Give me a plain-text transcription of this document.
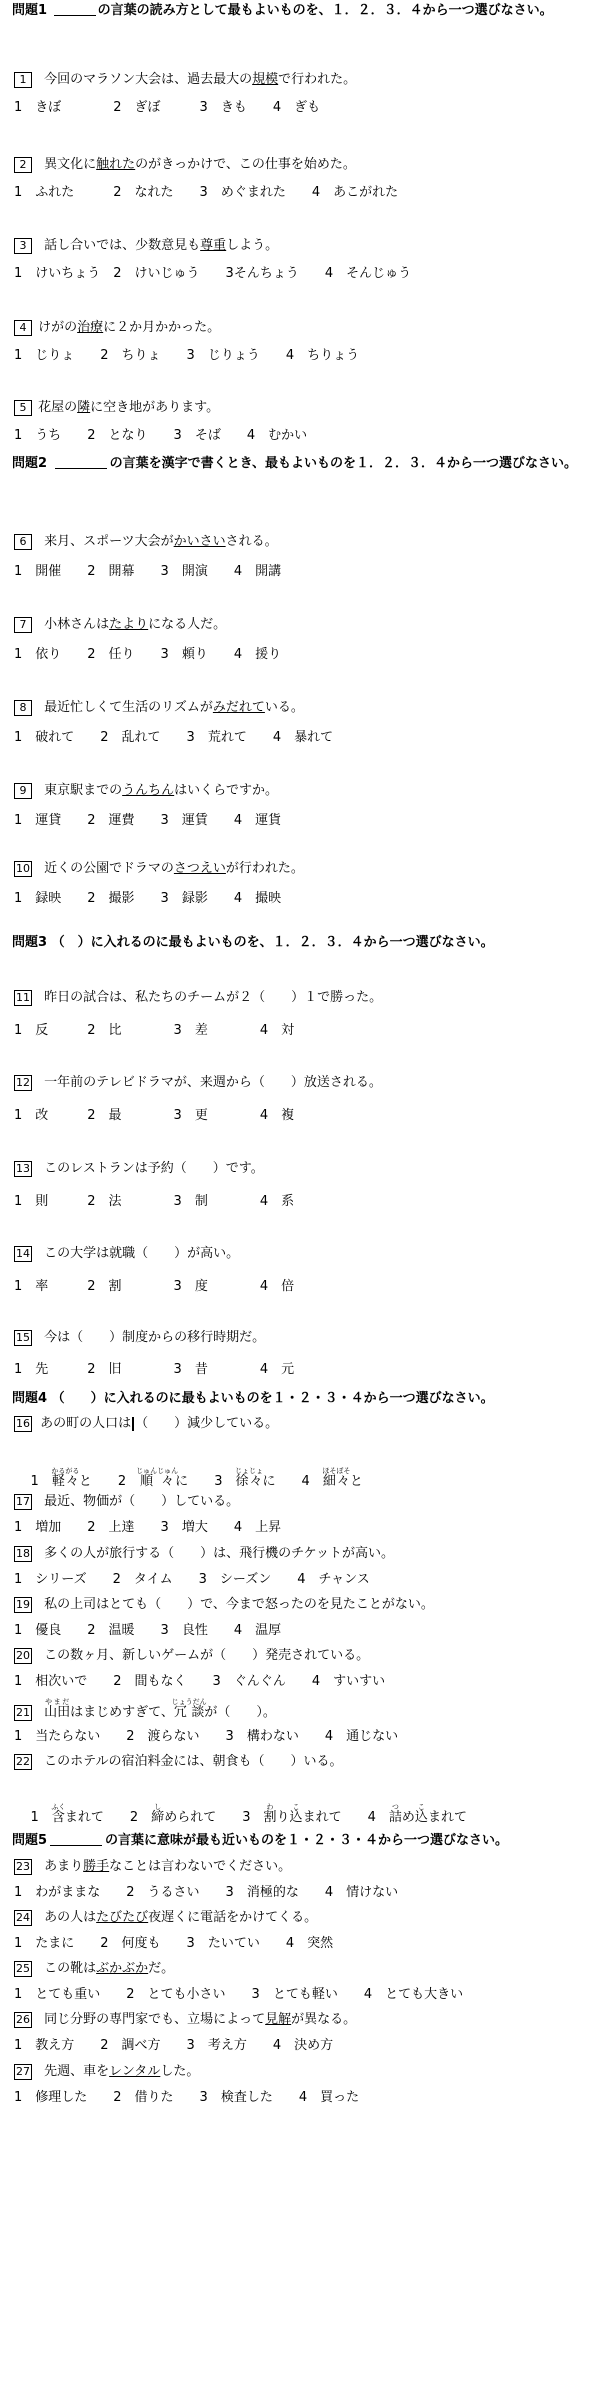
問題1	の言葉の読み方として最もよいものを、１．２．３．４から一つ選びなさい。
1 今回のマラソン大会は、過去最大の規模で行われた。
1　きぼ　　　　2　ぎぼ　　　3　きも　　4　ぎも
2 異文化に触れたのがきっかけで、この仕事を始めた。
1　ふれた　　　2　なれた　　3　めぐまれた　　4　あこがれた
3 話し合いでは、少数意見も尊重しよう。
1　けいちょう　2　けいじゅう　　3そんちょう　　4　そんじゅう
4 けがの治療に２か月かかった。
1　じりょ　　2　ちりょ　　3　じりょう　　4　ちりょう
5 花屋の隣に空き地があります。
1　うち　　2　となり　　3　そば　　4　むかい
問題2	の言葉を漢字で書くとき、最もよいものを１．２．３．４から一つ選びなさい。
6 来月、スポーツ大会がかいさいされる。
1　開催　　2　開幕　　3　開演　　4　開講
7 小林さんはたよりになる人だ。
1　依り　　2　任り　　3　頼り　　4　援り
8 最近忙しくて生活のリズムがみだれている。
1　破れて　　2　乱れて　　3　荒れて　　4　暴れて
9 東京駅までのうんちんはいくらですか。
1　運貸　　2　運費　　3　運賃　　4　運貨
10 近くの公園でドラマのさつえいが行われた。
1　録映　　2　撮影　　3　録影　　4　撮映
問題3 （　）に入れるのに最もよいものを、１．２．３．４から一つ選びなさい。
11 昨日の試合は、私たちのチームが２（　　）１で勝った。
1　反　　　2　比　　　　3　差　　　　4　対
12 一年前のテレビドラマが、来週から（　　）放送される。
1　改　　　2　最　　　　3　更　　　　4　複
13 このレストランは予約（　　）です。
1　則　　　2　法　　　　3　制　　　　4　系
14 この大学は就職（　　）が高い。
1　率　　　2　割　　　　3　度　　　　4　倍
15 今は（　　）制度からの移行時期だ。
1　先　　　2　旧　　　　3　昔　　　　4　元
問題4 （　　）に入れるのに最もよいものを１・２・３・４から一つ選びなさい。
16 あの町の人口は （　　）減少している。

1　 軽々かるがると　　 2　 順々じゅんじゅんに　　 3　 徐々じょじょに　　 4　 細々ほそぼそと

17 最近、物価が（　　）している。
1　増加　　2　上達　　3　増大　　4　上昇
18 多くの人が旅行する（　　）は、飛行機のチケットが高い。
1　シリーズ　　2　タイム　　3　シーズン　　4　チャンス
19 私の上司はとても（　　）で、今まで怒ったのを見たことがない。
1　優良　　2　温暖　　3　良性　　4　温厚
20 この数ヶ月、新しいゲームが（　　）発売されている。
1　相次いで　　2　間もなく　　3　ぐんぐん　　4　すいすい
21 山田やまだはまじめすぎて、冗談じょうだんが（　　）。
1　当たらない　　2　渡らない　　3　構わない　　4　通じない
22 このホテルの宿泊料金には、朝食も（　　）いる。

1　 含ふくまれて　　 2　 締しめられて　　 3　 割わり込こまれて　　 4　 詰つめ込こまれて

問題5	の言葉に意味が最も近いものを１・２・３・４から一つ選びなさい。
23 あまり勝手なことは言わないでください。
1　わがままな　　2　うるさい　　3　消極的な　　4　情けない
24 あの人はたびたび夜遅くに電話をかけてくる。
1　たまに　　2　何度も　　3　たいてい　　4　突然
25 この靴はぶかぶかだ。
1　とても重い　　2　とても小さい　　3　とても軽い　　4　とても大きい
26 同じ分野の専門家でも、立場によって見解が異なる。
1　教え方　　2　調べ方　　3　考え方　　4　決め方
27 先週、車をレンタルした。
1　修理した　　2　借りた　　3　検査した　　4　買った
